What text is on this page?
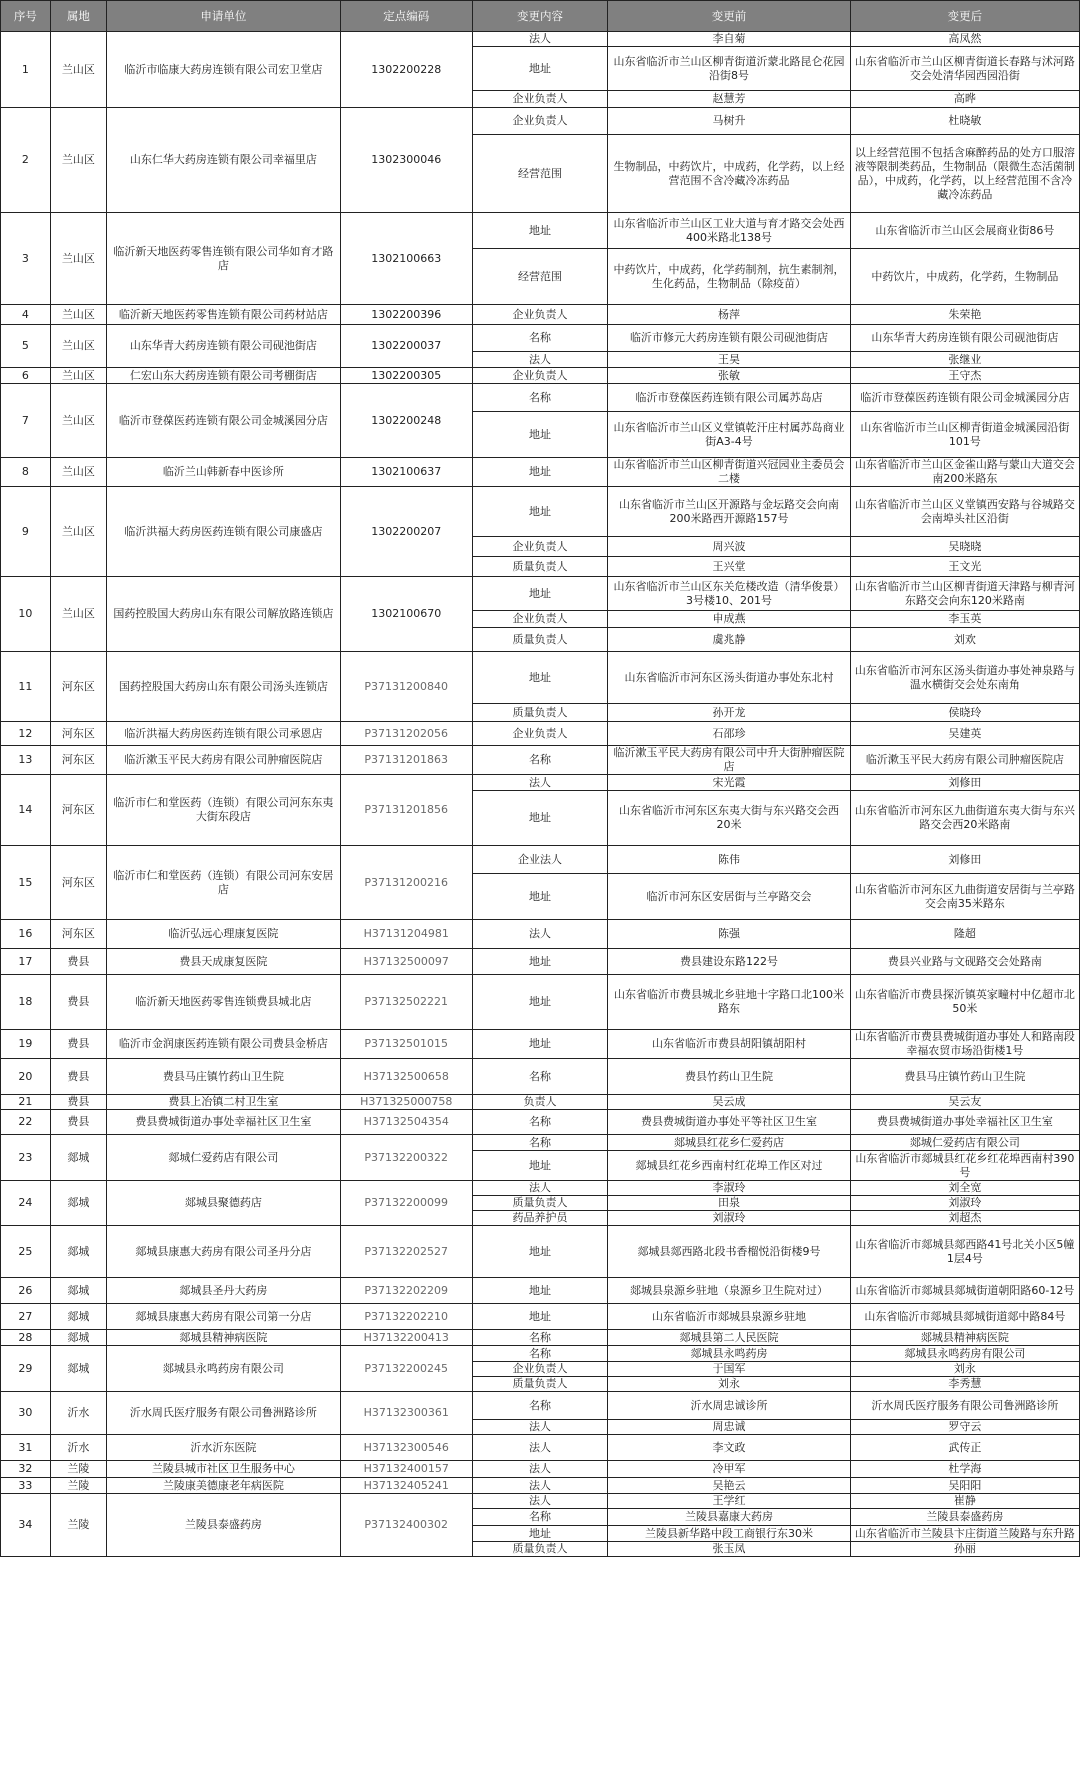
序号	属地	申请单位	定点编码	变更内容	变更前	变更后
1	兰山区	临沂市临康大药房连锁有限公司宏卫堂店	1302200228	法人	李自菊	高凤然
				地址	山东省临沂市兰山区柳青街道沂蒙北路昆仑花园沿街8号	山东省临沂市兰山区柳青街道长春路与沭河路交会处清华园西园沿街
				企业负责人	赵慧芳	高晔
2	兰山区	山东仁华大药房连锁有限公司幸福里店	1302300046	企业负责人	马树升	杜晓敏
				经营范围	生物制品，中药饮片，中成药，化学药，以上经营范围不含冷藏冷冻药品	以上经营范围不包括含麻醉药品的处方口服溶液等限制类药品，生物制品（限微生态活菌制品），中成药，化学药，以上经营范围不含冷藏冷冻药品
3	兰山区	临沂新天地医药零售连锁有限公司华如育才路店	1302100663	地址	山东省临沂市兰山区工业大道与育才路交会处西400米路北138号	山东省临沂市兰山区会展商业街86号
				经营范围	中药饮片，中成药，化学药制剂，抗生素制剂，生化药品，生物制品（除疫苗）	中药饮片，中成药，化学药，生物制品
4	兰山区	临沂新天地医药零售连锁有限公司药材站店	1302200396	企业负责人	杨萍	朱荣艳
5	兰山区	山东华青大药房连锁有限公司砚池街店	1302200037	名称	临沂市修元大药房连锁有限公司砚池街店	山东华青大药房连锁有限公司砚池街店
				法人	王昊	张继业
6	兰山区	仁宏山东大药房连锁有限公司考棚街店	1302200305	企业负责人	张敏	王守杰
7	兰山区	临沂市登葆医药连锁有限公司金城溪园分店	1302200248	名称	临沂市登葆医药连锁有限公司属苏岛店	临沂市登葆医药连锁有限公司金城溪园分店
				地址	山东省临沂市兰山区义堂镇乾汗庄村属苏岛商业街A3-4号	山东省临沂市兰山区柳青街道金城溪园沿街101号
8	兰山区	临沂兰山韩新春中医诊所	1302100637	地址	山东省临沂市兰山区柳青街道兴冠园业主委员会二楼	山东省临沂市兰山区金雀山路与蒙山大道交会南200米路东
9	兰山区	临沂洪福大药房医药连锁有限公司康盛店	1302200207	地址	山东省临沂市兰山区开源路与金坛路交会向南200米路西开源路157号	山东省临沂市兰山区义堂镇西安路与谷城路交会南埠头社区沿街
				企业负责人	周兴波	吴晓晓
				质量负责人	王兴堂	王文光
10	兰山区	国药控股国大药房山东有限公司解放路连锁店	1302100670	地址	山东省临沂市兰山区东关危楼改造（清华俊景）3号楼10、201号	山东省临沂市兰山区柳青街道天津路与柳青河东路交会向东120米路南
				企业负责人	申成燕	李玉英
				质量负责人	虞兆静	刘欢
11	河东区	国药控股国大药房山东有限公司汤头连锁店	P37131200840	地址	山东省临沂市河东区汤头街道办事处东北村	山东省临沂市河东区汤头街道办事处神泉路与温水横街交会处东南角
				质量负责人	孙开龙	侯晓玲
12	河东区	临沂洪福大药房医药连锁有限公司承恩店	P37131202056	企业负责人	石邵珍	吴建英
13	河东区	临沂漱玉平民大药房有限公司肿瘤医院店	P37131201863	名称	临沂漱玉平民大药房有限公司中升大街肿瘤医院店	临沂漱玉平民大药房有限公司肿瘤医院店
14	河东区	临沂市仁和堂医药（连锁）有限公司河东东夷大街东段店	P37131201856	法人	宋光霞	刘修田
				地址	山东省临沂市河东区东夷大街与东兴路交会西20米	山东省临沂市河东区九曲街道东夷大街与东兴路交会西20米路南
15	河东区	临沂市仁和堂医药（连锁）有限公司河东安居店	P37131200216	企业法人	陈伟	刘修田
				地址	临沂市河东区安居街与兰亭路交会	山东省临沂市河东区九曲街道安居街与兰亭路交会南35米路东
16	河东区	临沂弘远心理康复医院	H37131204981	法人	陈强	隆超
17	费县	费县天成康复医院	H37132500097	地址	费县建设东路122号	费县兴业路与文砚路交会处路南
18	费县	临沂新天地医药零售连锁费县城北店	P37132502221	地址	山东省临沂市费县城北乡驻地十字路口北100米路东	山东省临沂市费县探沂镇英家疃村中亿超市北50米
19	费县	临沂市金润康医药连锁有限公司费县金桥店	P37132501015	地址	山东省临沂市费县胡阳镇胡阳村	山东省临沂市费县费城街道办事处人和路南段幸福农贸市场沿街楼1号
20	费县	费县马庄镇竹药山卫生院	H37132500658	名称	费县竹药山卫生院	费县马庄镇竹药山卫生院
21	费县	费县上冶镇二村卫生室	H371325000758	负责人	吴云成	吴云友
22	费县	费县费城街道办事处幸福社区卫生室	H37132504354	名称	费县费城街道办事处平等社区卫生室	费县费城街道办事处幸福社区卫生室
23	郯城	郯城仁爱药店有限公司	P37132200322	名称	郯城县红花乡仁爱药店	郯城仁爱药店有限公司
				地址	郯城县红花乡西南村红花埠工作区对过	山东省临沂市郯城县红花乡红花埠西南村390号
24	郯城	郯城县聚德药店	P37132200099	法人	李淑玲	刘全宽
				质量负责人	田泉	刘淑玲
				药品养护员	刘淑玲	刘超杰
25	郯城	郯城县康惠大药房有限公司圣丹分店	P37132202527	地址	郯城县郯西路北段书香榴悦沿街楼9号	山东省临沂市郯城县郯西路41号北关小区5幢1层4号
26	郯城	郯城县圣丹大药房	P37132202209	地址	郯城县泉源乡驻地（泉源乡卫生院对过）	山东省临沂市郯城县郯城街道朝阳路60-12号
27	郯城	郯城县康惠大药房有限公司第一分店	P37132202210	地址	山东省临沂市郯城县泉源乡驻地	山东省临沂市郯城县郯城街道郯中路84号
28	郯城	郯城县精神病医院	H37132200413	名称	郯城县第二人民医院	郯城县精神病医院
29	郯城	郯城县永鸣药房有限公司	P37132200245	名称	郯城县永鸣药房	郯城县永鸣药房有限公司
				企业负责人	于国军	刘永
				质量负责人	刘永	李秀慧
30	沂水	沂水周氏医疗服务有限公司鲁洲路诊所	H37132300361	名称	沂水周忠诚诊所	沂水周氏医疗服务有限公司鲁洲路诊所
				法人	周忠诚	罗守云
31	沂水	沂水沂东医院	H37132300546	法人	李文政	武传正
32	兰陵	兰陵县城市社区卫生服务中心	H37132400157	法人	冷甲军	杜学海
33	兰陵	兰陵康美德康老年病医院	H37132405241	法人	吴艳云	吴阳阳
34	兰陵	兰陵县泰盛药房	P37132400302	法人	王学红	崔静
				名称	兰陵县嘉康大药房	兰陵县泰盛药房
				地址	兰陵县新华路中段工商银行东30米	山东省临沂市兰陵县卞庄街道兰陵路与东升路
				质量负责人	张玉凤	孙丽
